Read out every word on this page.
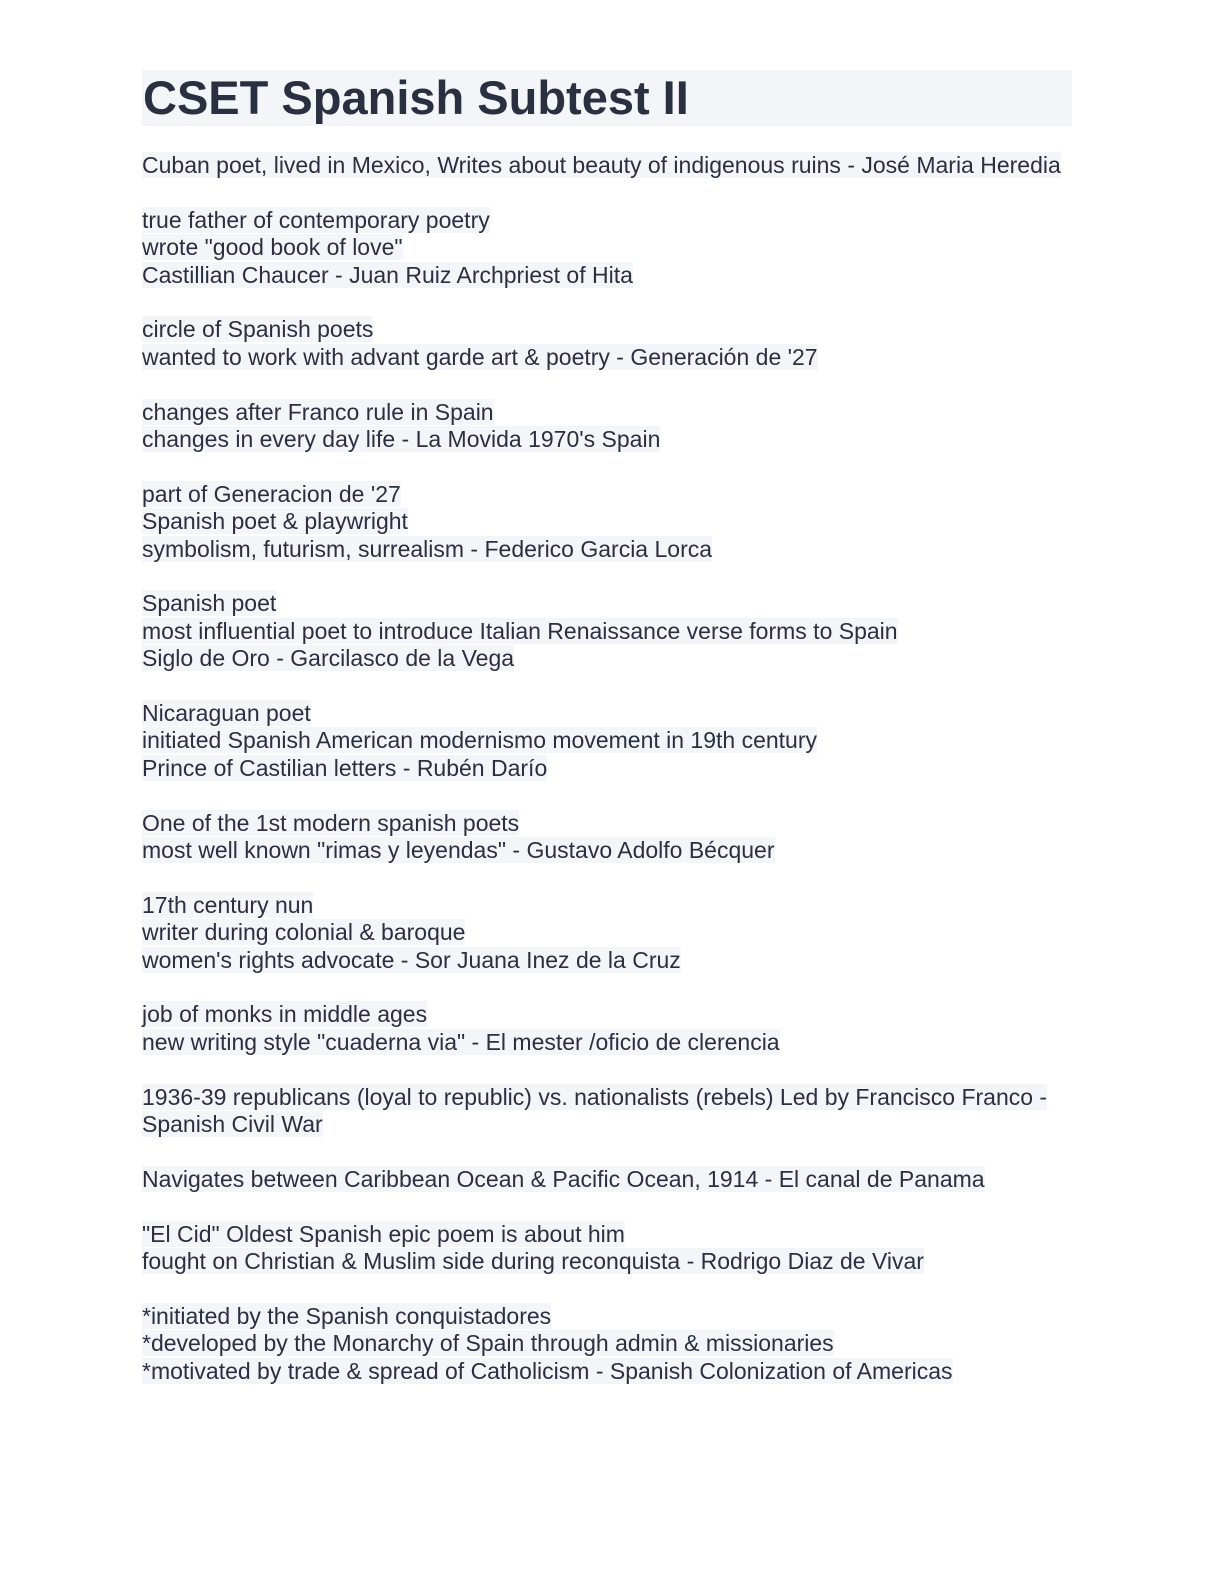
CSET Spanish Subtest II
Cuban poet, lived in Mexico, Writes about beauty of indigenous ruins - José Maria Heredia
true father of contemporary poetry
wrote "good book of love"
Castillian Chaucer - Juan Ruiz Archpriest of Hita
circle of Spanish poets
wanted to work with advant garde art & poetry - Generación de '27
changes after Franco rule in Spain
changes in every day life - La Movida 1970's Spain
part of Generacion de '27
Spanish poet & playwright
symbolism, futurism, surrealism - Federico Garcia Lorca
Spanish poet
most influential poet to introduce Italian Renaissance verse forms to Spain
Siglo de Oro - Garcilasco de la Vega
Nicaraguan poet
initiated Spanish American modernismo movement in 19th century
Prince of Castilian letters - Rubén Darío
One of the 1st modern spanish poets
most well known "rimas y leyendas" - Gustavo Adolfo Bécquer
17th century nun
writer during colonial & baroque
women's rights advocate - Sor Juana Inez de la Cruz
job of monks in middle ages
new writing style "cuaderna via" - El mester /oficio de clerencia
1936-39 republicans (loyal to republic) vs. nationalists (rebels) Led by Francisco Franco - Spanish Civil War
Navigates between Caribbean Ocean & Pacific Ocean, 1914 - El canal de Panama
"El Cid" Oldest Spanish epic poem is about him
fought on Christian & Muslim side during reconquista - Rodrigo Diaz de Vivar
*initiated by the Spanish conquistadores
*developed by the Monarchy of Spain through admin & missionaries
*motivated by trade & spread of Catholicism - Spanish Colonization of Americas
